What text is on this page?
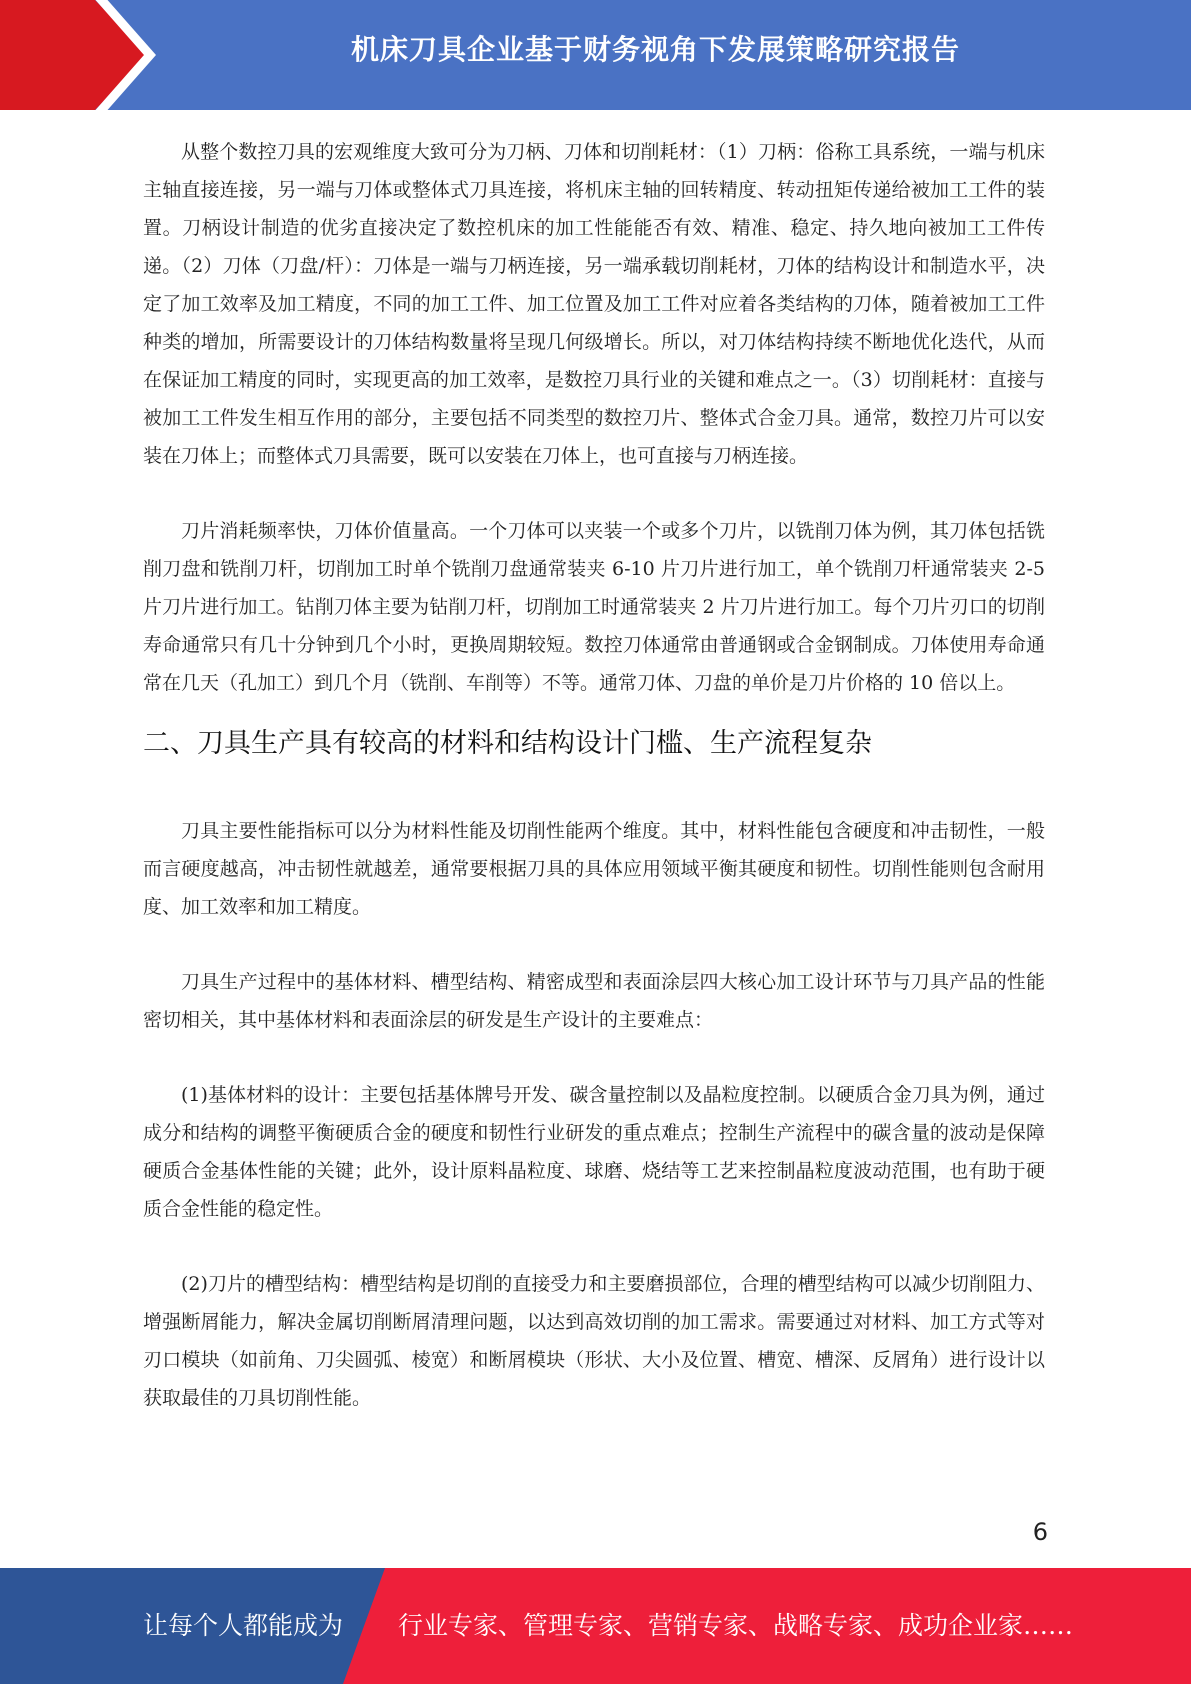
机床刀具企业基于财务视角下发展策略研究报告

从整个数控刀具的宏观维度大致可分为刀柄、刀体和切削耗材：（1）刀柄：俗称工具系统，一端与机床主轴直接连接，另一端与刀体或整体式刀具连接，将机床主轴的回转精度、转动扭矩传递给被加工工件的装置。刀柄设计制造的优劣直接决定了数控机床的加工性能能否有效、精准、稳定、持久地向被加工工件传递。（2）刀体（刀盘/杆）：刀体是一端与刀柄连接，另一端承载切削耗材，刀体的结构设计和制造水平，决定了加工效率及加工精度，不同的加工工件、加工位置及加工工件对应着各类结构的刀体，随着被加工工件种类的增加，所需要设计的刀体结构数量将呈现几何级增长。所以，对刀体结构持续不断地优化迭代，从而在保证加工精度的同时，实现更高的加工效率，是数控刀具行业的关键和难点之一。（3）切削耗材：直接与被加工工件发生相互作用的部分，主要包括不同类型的数控刀片、整体式合金刀具。通常，数控刀片可以安装在刀体上；而整体式刀具需要，既可以安装在刀体上，也可直接与刀柄连接。

刀片消耗频率快，刀体价值量高。一个刀体可以夹装一个或多个刀片，以铣削刀体为例，其刀体包括铣削刀盘和铣削刀杆，切削加工时单个铣削刀盘通常装夹 6-10 片刀片进行加工，单个铣削刀杆通常装夹 2-5 片刀片进行加工。钻削刀体主要为钻削刀杆，切削加工时通常装夹 2 片刀片进行加工。每个刀片刃口的切削寿命通常只有几十分钟到几个小时，更换周期较短。数控刀体通常由普通钢或合金钢制成。刀体使用寿命通常在几天（孔加工）到几个月（铣削、车削等）不等。通常刀体、刀盘的单价是刀片价格的 10 倍以上。

二、刀具生产具有较高的材料和结构设计门槛、生产流程复杂

刀具主要性能指标可以分为材料性能及切削性能两个维度。其中，材料性能包含硬度和冲击韧性，一般而言硬度越高，冲击韧性就越差，通常要根据刀具的具体应用领域平衡其硬度和韧性。切削性能则包含耐用度、加工效率和加工精度。

刀具生产过程中的基体材料、槽型结构、精密成型和表面涂层四大核心加工设计环节与刀具产品的性能密切相关，其中基体材料和表面涂层的研发是生产设计的主要难点：

(1)基体材料的设计：主要包括基体牌号开发、碳含量控制以及晶粒度控制。以硬质合金刀具为例，通过成分和结构的调整平衡硬质合金的硬度和韧性行业研发的重点难点；控制生产流程中的碳含量的波动是保障硬质合金基体性能的关键；此外，设计原料晶粒度、球磨、烧结等工艺来控制晶粒度波动范围，也有助于硬质合金性能的稳定性。

(2)刀片的槽型结构：槽型结构是切削的直接受力和主要磨损部位，合理的槽型结构可以减少切削阻力、增强断屑能力，解决金属切削断屑清理问题，以达到高效切削的加工需求。需要通过对材料、加工方式等对刃口模块（如前角、刀尖圆弧、棱宽）和断屑模块（形状、大小及位置、槽宽、槽深、反屑角）进行设计以获取最佳的刀具切削性能。

6
让每个人都能成为 行业专家、管理专家、营销专家、战略专家、成功企业家……
